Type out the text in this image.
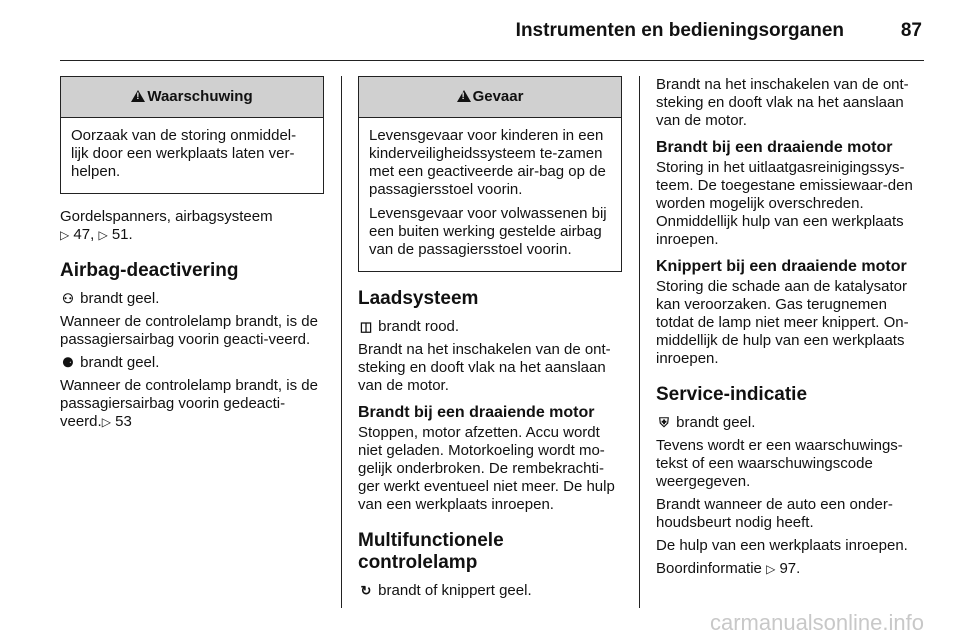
Instrumenten en bedieningsorganen	87
!Waarschuwing

Oorzaak van de storing onmiddel-lijk door een werkplaats laten ver-helpen.

Gordelspanners, airbagsysteem
▷ 47, ▷ 51.

Airbag-deactivering

⚇ brandt geel.

Wanneer de controlelamp brandt, is de passagiersairbag voorin geacti-veerd.

⚈ brandt geel.

Wanneer de controlelamp brandt, is de passagiersairbag voorin gedeacti-veerd.▷ 53

!Gevaar

Levensgevaar voor kinderen in een kinderveiligheidssysteem te-zamen met een geactiveerde air-bag op de passagiersstoel voorin.

Levensgevaar voor volwassenen bij een buiten werking gestelde airbag van de passagiersstoel voorin.

Laadsysteem

◫ brandt rood.

Brandt na het inschakelen van de ont-steking en dooft vlak na het aanslaan van de motor.

Brandt bij een draaiende motor

Stoppen, motor afzetten. Accu wordt niet geladen. Motorkoeling wordt mo-gelijk onderbroken. De rembekrachti-ger werkt eventueel niet meer. De hulp van een werkplaats inroepen.

Multifunctionele controlelamp

↻ brandt of knippert geel.

Brandt na het inschakelen van de ont-steking en dooft vlak na het aanslaan van de motor.

Brandt bij een draaiende motor

Storing in het uitlaatgasreinigingssys-teem. De toegestane emissiewaar-den worden mogelijk overschreden. Onmiddellijk hulp van een werkplaats inroepen.

Knippert bij een draaiende motor

Storing die schade aan de katalysator kan veroorzaken. Gas terugnemen totdat de lamp niet meer knippert. On-middellijk de hulp van een werkplaats inroepen.

Service-indicatie

⛨ brandt geel.

Tevens wordt er een waarschuwings-tekst of een waarschuwingscode weergegeven.

Brandt wanneer de auto een onder-houdsbeurt nodig heeft.

De hulp van een werkplaats inroepen.

Boordinformatie ▷ 97.

carmanualsonline.info
